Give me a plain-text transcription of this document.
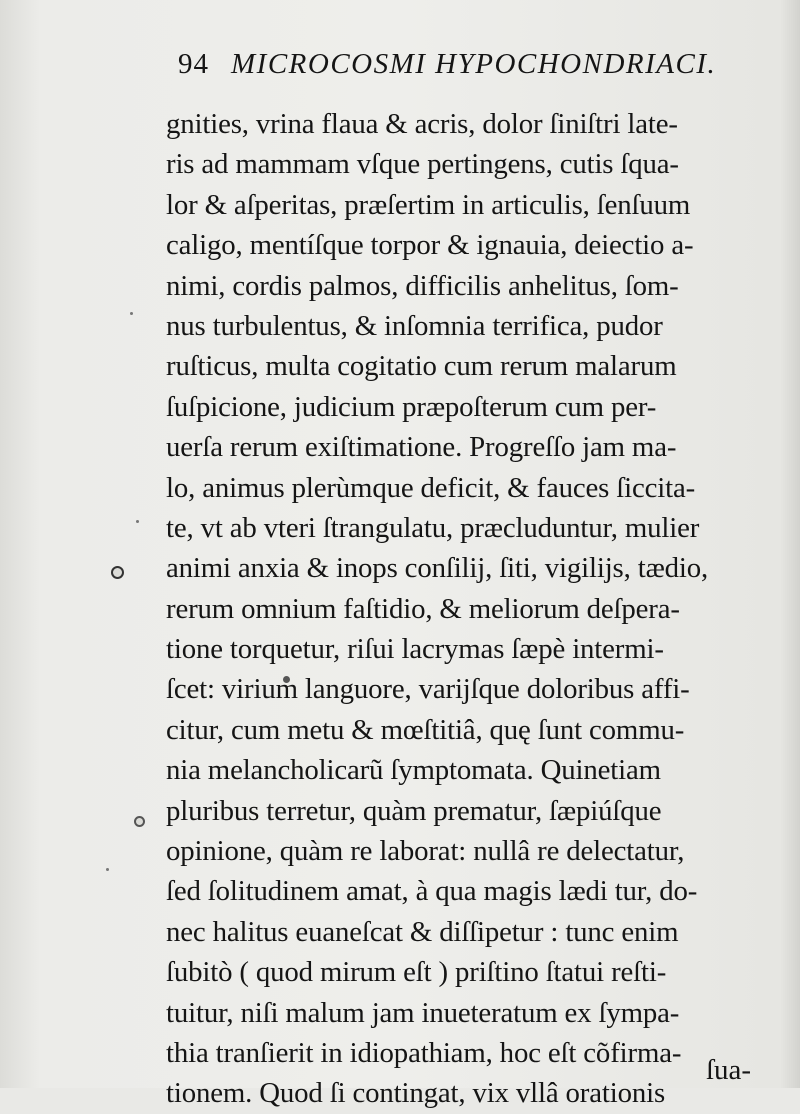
94 MICROCOSMI HYPOCHONDRIACI.
gnities, vrina flaua & acris, dolor ſiniſtri late-
ris ad mammam vſque pertingens, cutis ſqua-
lor & aſperitas, præſertim in articulis, ſenſuum
caligo, mentíſque torpor & ignauia, deiectio a-
nimi, cordis palmos, difficilis anhelitus, ſom-
nus turbulentus, & inſomnia terrifica, pudor
ruſticus, multa cogitatio cum rerum malarum
ſuſpicione, judicium præpoſterum cum per-
uerſa rerum exiſtimatione. Progreſſo jam ma-
lo, animus plerùmque deficit, & fauces ſiccita-
te, vt ab vteri ſtrangulatu, præcluduntur, mulier
animi anxia & inops conſilij, ſiti, vigilijs, tædio,
rerum omnium faſtidio, & meliorum deſpera-
tione torquetur, riſui lacrymas ſæpè intermi-
ſcet: virium languore, varijſque doloribus affi-
citur, cum metu & mœſtitiâ, quę ſunt commu-
nia melancholicarũ ſymptomata. Quinetiam
pluribus terretur, quàm prematur, ſæpiúſque
opinione, quàm re laborat: nullâ re delectatur,
ſed ſolitudinem amat, à qua magis lædi tur, do-
nec halitus euaneſcat & diſſipetur : tunc enim
ſubitò ( quod mirum eſt ) priſtino ſtatui reſti-
tuitur, niſi malum jam inueteratum ex ſympa-
thia tranſierit in idiopathiam, hoc eſt cõfirma-
tionem. Quod ſi contingat, vix vllâ orationis
ſua-
